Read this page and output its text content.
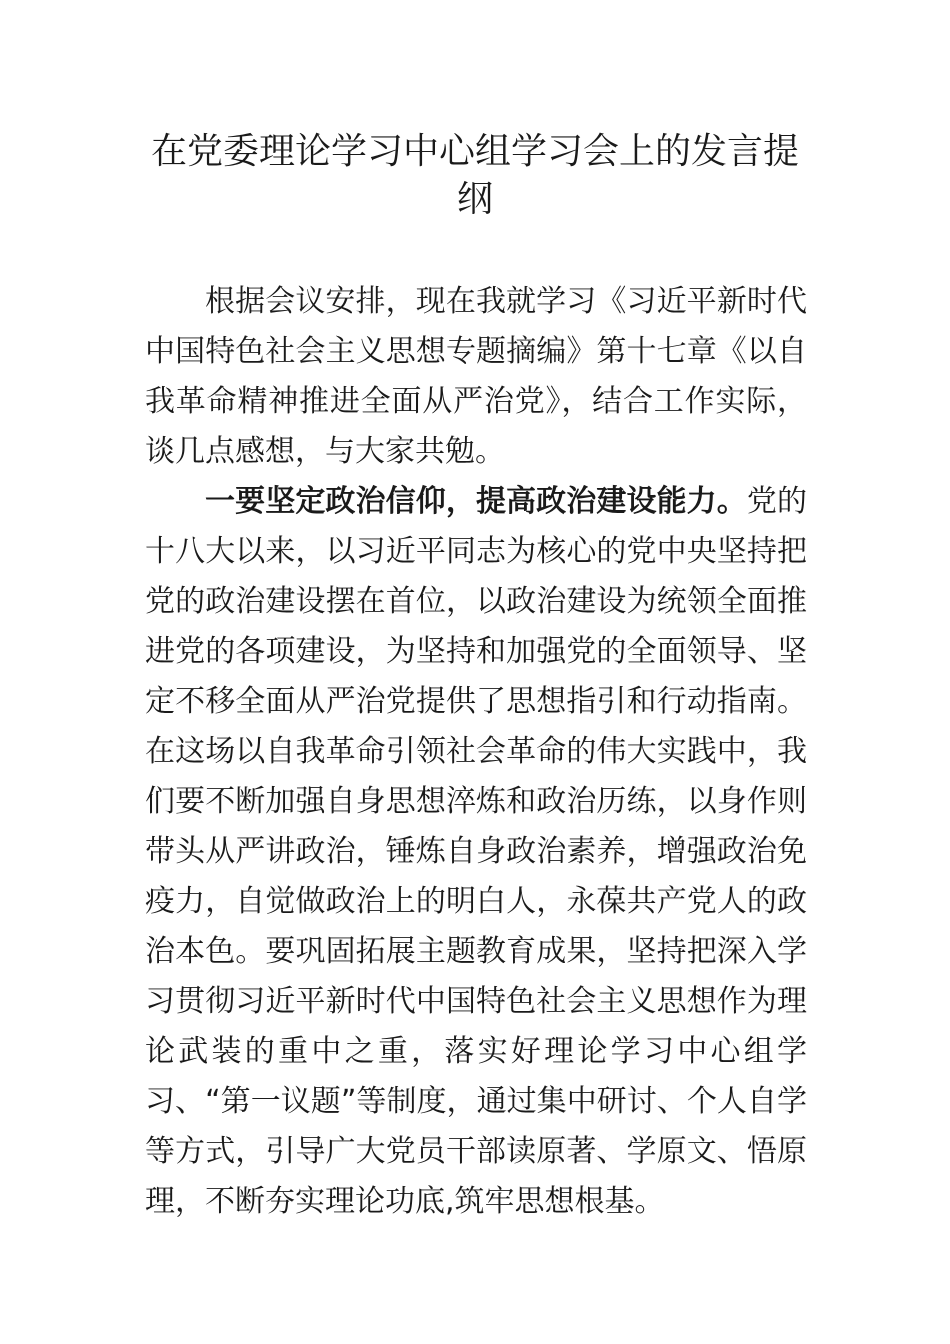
在党委理论学习中心组学习会上的发言提纲

根据会议安排，现在我就学习《习近平新时代中国特色社会主义思想专题摘编》第十七章《以自我革命精神推进全面从严治党》，结合工作实际，谈几点感想，与大家共勉。

一要坚定政治信仰，提高政治建设能力。党的十八大以来，以习近平同志为核心的党中央坚持把党的政治建设摆在首位，以政治建设为统领全面推进党的各项建设，为坚持和加强党的全面领导、坚定不移全面从严治党提供了思想指引和行动指南。在这场以自我革命引领社会革命的伟大实践中，我们要不断加强自身思想淬炼和政治历练，以身作则带头从严讲政治，锤炼自身政治素养，增强政治免疫力，自觉做政治上的明白人，永葆共产党人的政治本色。要巩固拓展主题教育成果，坚持把深入学习贯彻习近平新时代中国特色社会主义思想作为理论武装的重中之重，落实好理论学习中心组学习、“第一议题”等制度，通过集中研讨、个人自学等方式，引导广大党员干部读原著、学原文、悟原理，不断夯实理论功底,筑牢思想根基。
